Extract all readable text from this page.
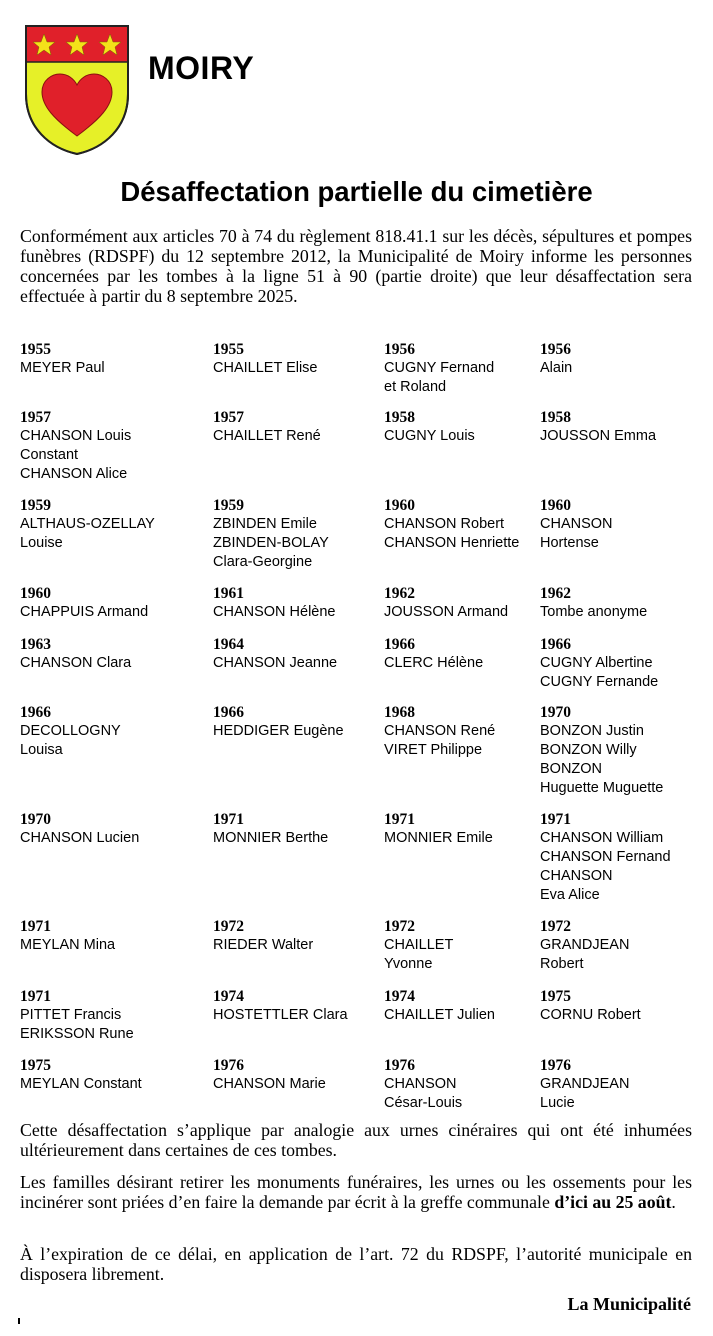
MOIRY
Désaffectation partielle du cimetière
Conformément aux articles 70 à 74 du règlement 818.41.1 sur les décès, sépultures et pompes funèbres (RDSPF) du 12 septembre 2012, la Municipalité de Moiry informe les personnes concernées par les tombes à la ligne 51 à 90 (partie droite) que leur désaffectation sera effectuée à partir du 8 septembre 2025.
1955
MEYER Paul
1955
CHAILLET Elise
1956
CUGNY Fernand
et Roland
1956
Alain
1957
CHANSON Louis
Constant
CHANSON Alice
1957
CHAILLET René
1958
CUGNY Louis
1958
JOUSSON Emma
1959
ALTHAUS-OZELLAY
Louise
1959
ZBINDEN Emile
ZBINDEN-BOLAY
Clara-Georgine
1960
CHANSON Robert
CHANSON Henriette
1960
CHANSON
Hortense
1960
CHAPPUIS Armand
1961
CHANSON Hélène
1962
JOUSSON Armand
1962
Tombe anonyme
1963
CHANSON Clara
1964
CHANSON Jeanne
1966
CLERC Hélène
1966
CUGNY Albertine
CUGNY Fernande
1966
DECOLLOGNY
Louisa
1966
HEDDIGER Eugène
1968
CHANSON René
VIRET Philippe
1970
BONZON Justin
BONZON Willy
BONZON
Huguette Muguette
1970
CHANSON Lucien
1971
MONNIER Berthe
1971
MONNIER Emile
1971
CHANSON William
CHANSON Fernand
CHANSON
Eva Alice
1971
MEYLAN Mina
1972
RIEDER Walter
1972
CHAILLET
Yvonne
1972
GRANDJEAN
Robert
1971
PITTET Francis
ERIKSSON Rune
1974
HOSTETTLER Clara
1974
CHAILLET Julien
1975
CORNU Robert
1975
MEYLAN Constant
1976
CHANSON Marie
1976
CHANSON
César-Louis
1976
GRANDJEAN
Lucie
Cette désaffectation s’applique par analogie aux urnes cinéraires qui ont été inhumées ultérieurement dans certaines de ces tombes.
Les familles désirant retirer les monuments funéraires, les urnes ou les ossements pour les incinérer sont priées d’en faire la demande par écrit à la greffe communale d’ici au 25 août.
À l’expiration de ce délai, en application de l’art. 72 du RDSPF, l’autorité municipale en disposera librement.
La Municipalité
